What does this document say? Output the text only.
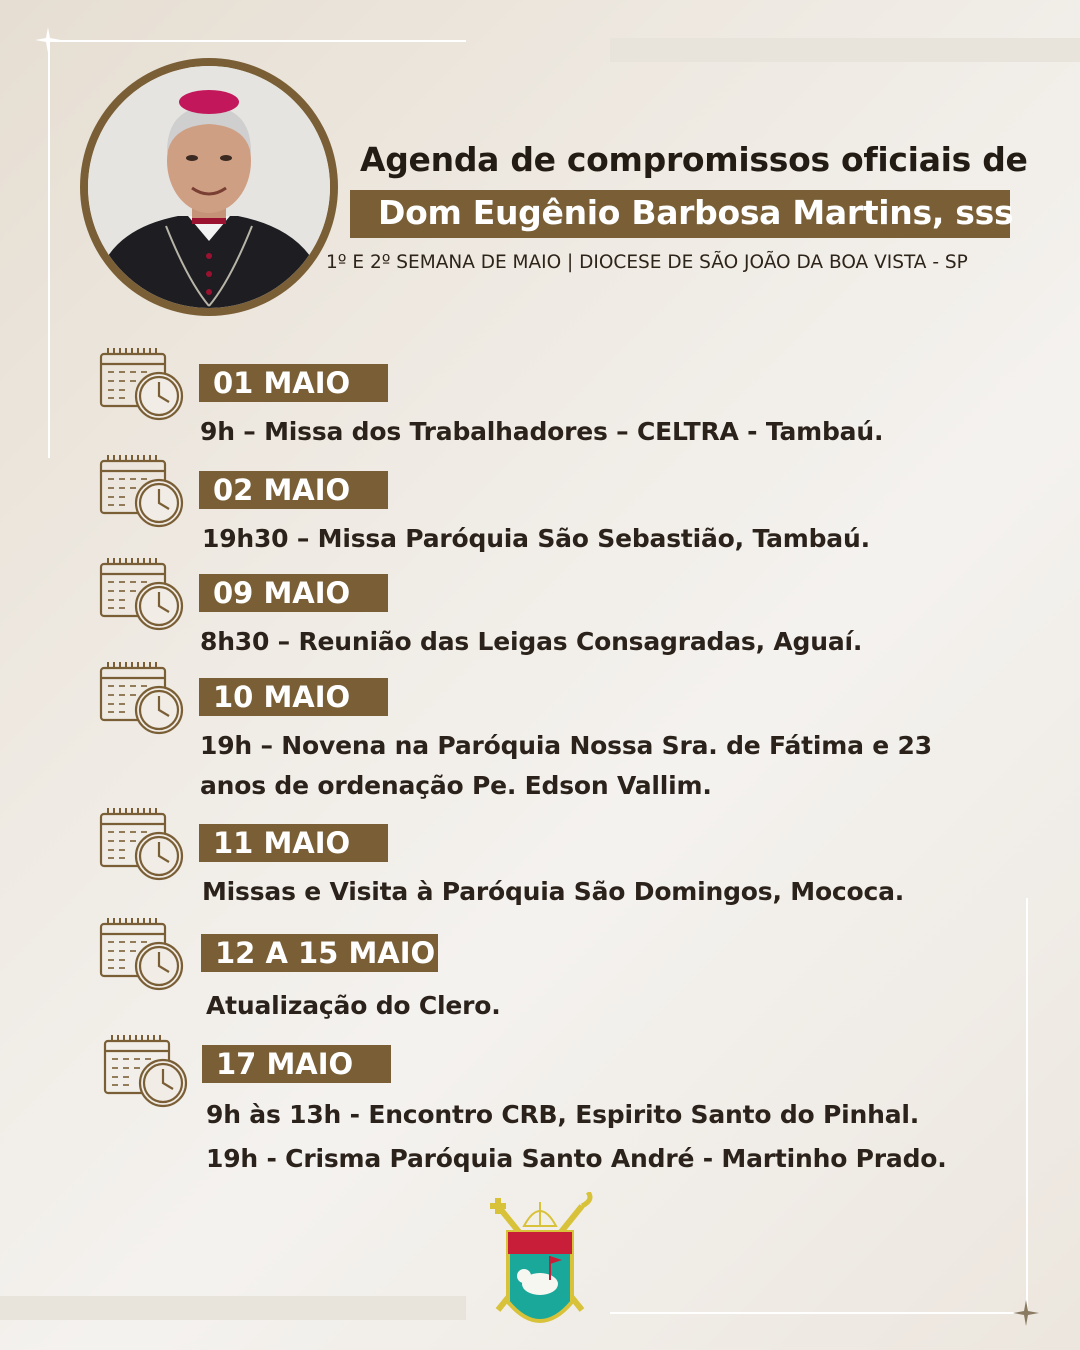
Agenda de compromissos oficiais de
Dom Eugênio Barbosa Martins, sss
1º E 2º SEMANA DE MAIO | DIOCESE DE SÃO JOÃO DA BOA VISTA - SP
01 MAIO
9h – Missa dos Trabalhadores – CELTRA - Tambaú.
02 MAIO
19h30 – Missa Paróquia São Sebastião, Tambaú.
09 MAIO
8h30 – Reunião das Leigas Consagradas, Aguaí.
10 MAIO
19h – Novena na Paróquia Nossa Sra. de Fátima e 23
anos de ordenação Pe. Edson Vallim.
11 MAIO
Missas e Visita à Paróquia São Domingos, Mococa.
12 A 15 MAIO
Atualização do Clero.
17 MAIO
9h às 13h - Encontro CRB, Espirito Santo do Pinhal.
19h - Crisma Paróquia Santo André - Martinho Prado.
